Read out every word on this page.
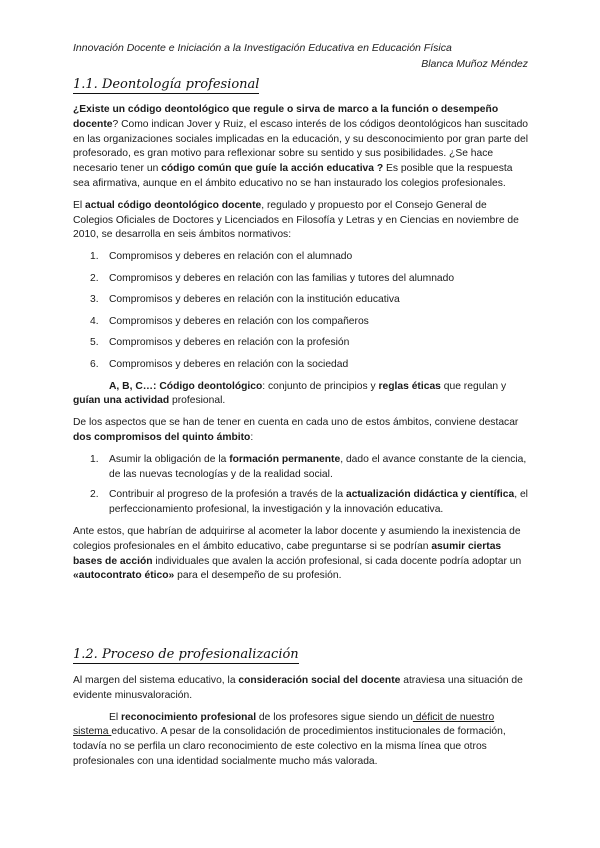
Innovación Docente e Iniciación a la Investigación Educativa en Educación Física
Blanca Muñoz Méndez
1.1. Deontología profesional

¿Existe un código deontológico que regule o sirva de marco a la función o desempeño docente? Como indican Jover y Ruiz, el escaso interés de los códigos deontológicos han suscitado en las organizaciones sociales implicadas en la educación, y su desconocimiento por gran parte del profesorado, es gran motivo para reflexionar sobre su sentido y sus posibilidades. ¿Se hace necesario tener un código común que guíe la acción educativa ? Es posible que la respuesta sea afirmativa, aunque en el ámbito educativo no se han instaurado los colegios profesionales.

El actual código deontológico docente, regulado y propuesto por el Consejo General de Colegios Oficiales de Doctores y Licenciados en Filosofía y Letras y en Ciencias en noviembre de 2010, se desarrolla en seis ámbitos normativos:

1. Compromisos y deberes en relación con el alumnado
2. Compromisos y deberes en relación con las familias y tutores del alumnado
3. Compromisos y deberes en relación con la institución educativa
4. Compromisos y deberes en relación con los compañeros
5. Compromisos y deberes en relación con la profesión
6. Compromisos y deberes en relación con la sociedad

A, B, C…: Código deontológico: conjunto de principios y reglas éticas que regulan y guían una actividad profesional.

De los aspectos que se han de tener en cuenta en cada uno de estos ámbitos, conviene destacar dos compromisos del quinto ámbito:

1. Asumir la obligación de la formación permanente, dado el avance constante de la ciencia, de las nuevas tecnologías y de la realidad social.
2. Contribuir al progreso de la profesión a través de la actualización didáctica y científica, el perfeccionamiento profesional, la investigación y la innovación educativa.

Ante estos, que habrían de adquirirse al acometer la labor docente y asumiendo la inexistencia de colegios profesionales en el ámbito educativo, cabe preguntarse si se podrían asumir ciertas bases de acción individuales que avalen la acción profesional, si cada docente podría adoptar un «autocontrato ético» para el desempeño de su profesión.

1.2. Proceso de profesionalización

Al margen del sistema educativo, la consideración social del docente atraviesa una situación de evidente minusvaloración.

El reconocimiento profesional de los profesores sigue siendo un déficit de nuestro sistema educativo. A pesar de la consolidación de procedimientos institucionales de formación, todavía no se perfila un claro reconocimiento de este colectivo en la misma línea que otros profesionales con una identidad socialmente mucho más valorada.
